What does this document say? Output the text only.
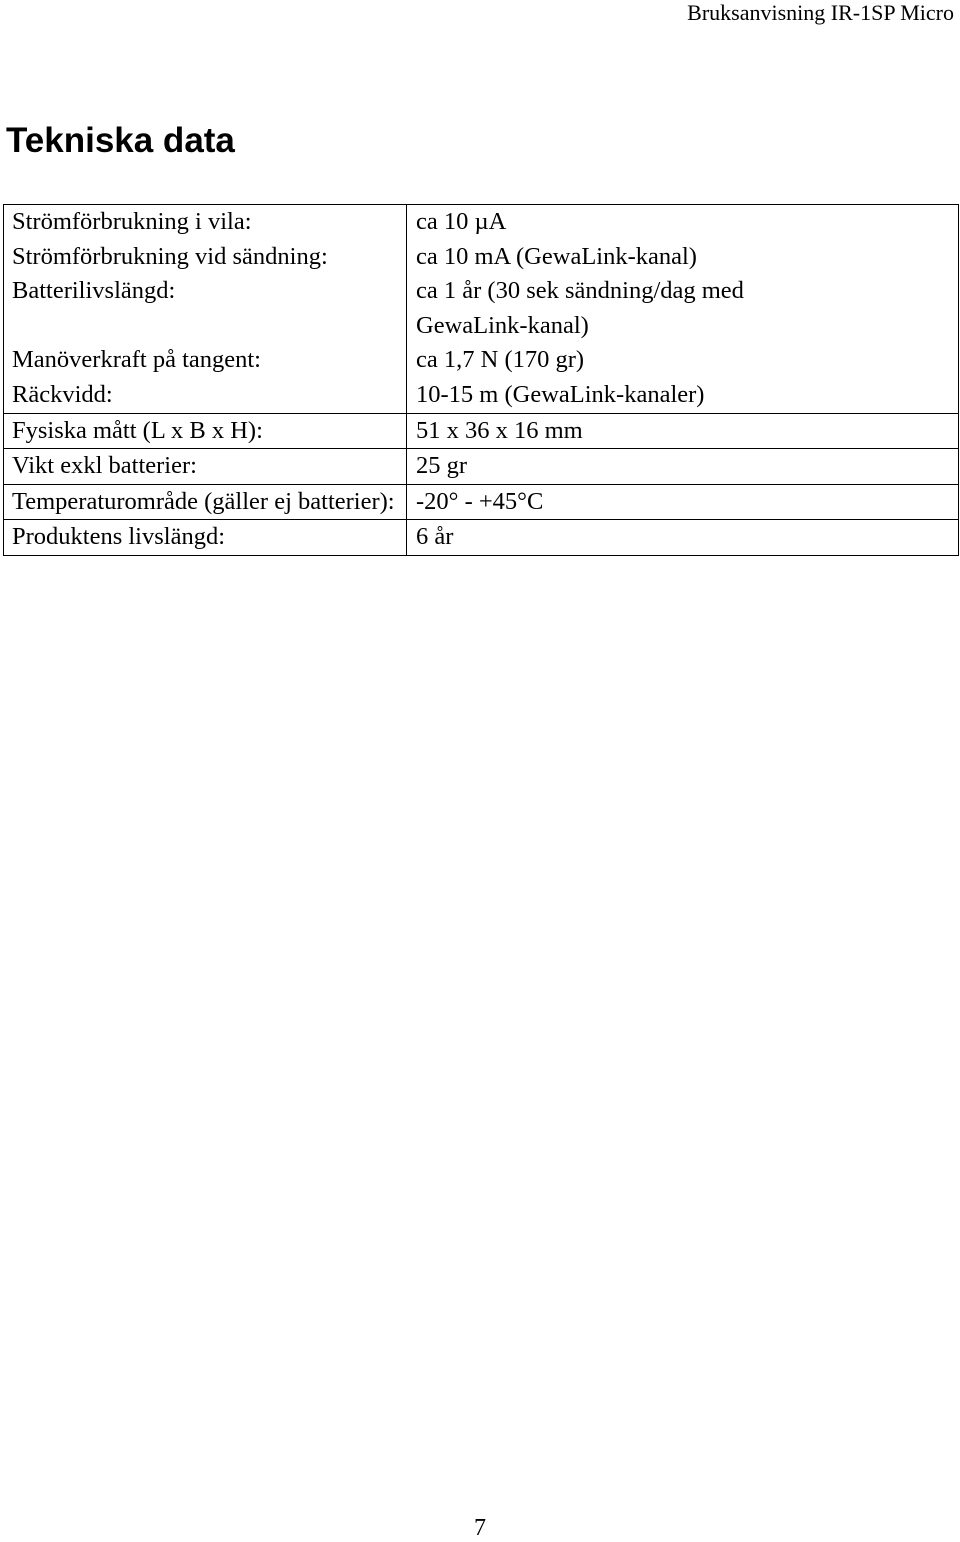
Bruksanvisning IR-1SP Micro
Tekniska data
Strömförbrukning i vila:	ca 10 µA
Strömförbrukning vid sändning:	ca 10 mA (GewaLink-kanal)
Batterilivslängd:	ca 1 år (30 sek sändning/dag med
GewaLink-kanal)
Manöverkraft på tangent:	ca 1,7 N (170 gr)
Räckvidd:	10-15 m (GewaLink-kanaler)
Fysiska mått (L x B x H):	51 x 36 x 16 mm
Vikt exkl batterier:	25 gr
Temperaturområde (gäller ej batterier):	-20° - +45°C
Produktens livslängd:	6 år
7
